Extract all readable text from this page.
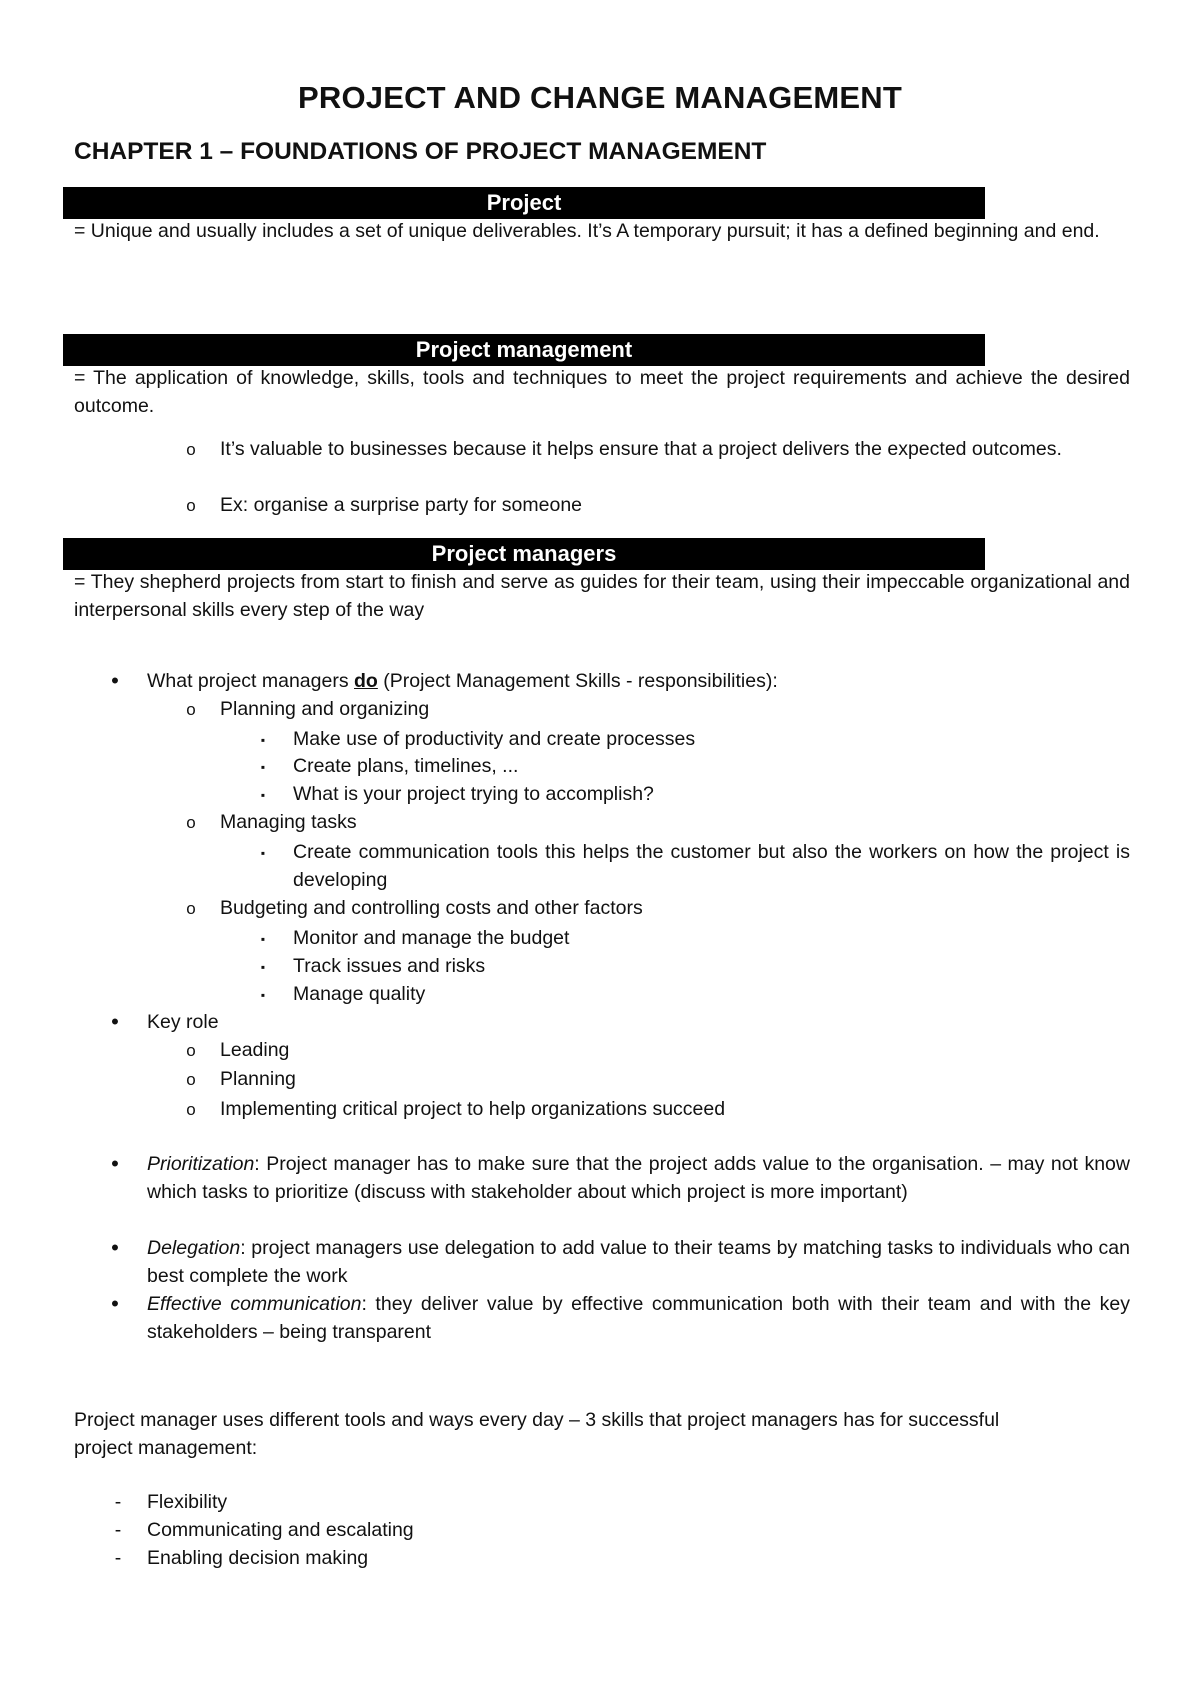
PROJECT AND CHANGE MANAGEMENT
CHAPTER 1 – FOUNDATIONS OF PROJECT MANAGEMENT
Project
= Unique and usually includes a set of unique deliverables. It’s A temporary pursuit; it has a defined beginning and end.
Project management
= The application of knowledge, skills, tools and techniques to meet the project requirements and achieve the desired outcome.
o It’s valuable to businesses because it helps ensure that a project delivers the expected outcomes.
o Ex: organise a surprise party for someone
Project managers
= They shepherd projects from start to finish and serve as guides for their team, using their impeccable organizational and interpersonal skills every step of the way
•	What project managers do (Project Management Skills - responsibilities):
o Planning and organizing
▪	Make use of productivity and create processes
▪	Create plans, timelines, ...
▪	What is your project trying to accomplish?
o Managing tasks
▪	Create communication tools this helps the customer but also the workers on how the project is developing
o Budgeting and controlling costs and other factors
▪	Monitor and manage the budget
▪	Track issues and risks
▪	Manage quality
•	Key role
o Leading
o Planning
o Implementing critical project to help organizations succeed
•	Prioritization: Project manager has to make sure that the project adds value to the organisation. – may not know which tasks to prioritize (discuss with stakeholder about which project is more important)
•	Delegation: project managers use delegation to add value to their teams by matching tasks to individuals who can best complete the work
•	Effective communication: they deliver value by effective communication both with their team and with the key stakeholders – being transparent
Project manager uses different tools and ways every day – 3 skills that project managers has for successful project management:
-	Flexibility
-	Communicating and escalating
-	Enabling decision making
